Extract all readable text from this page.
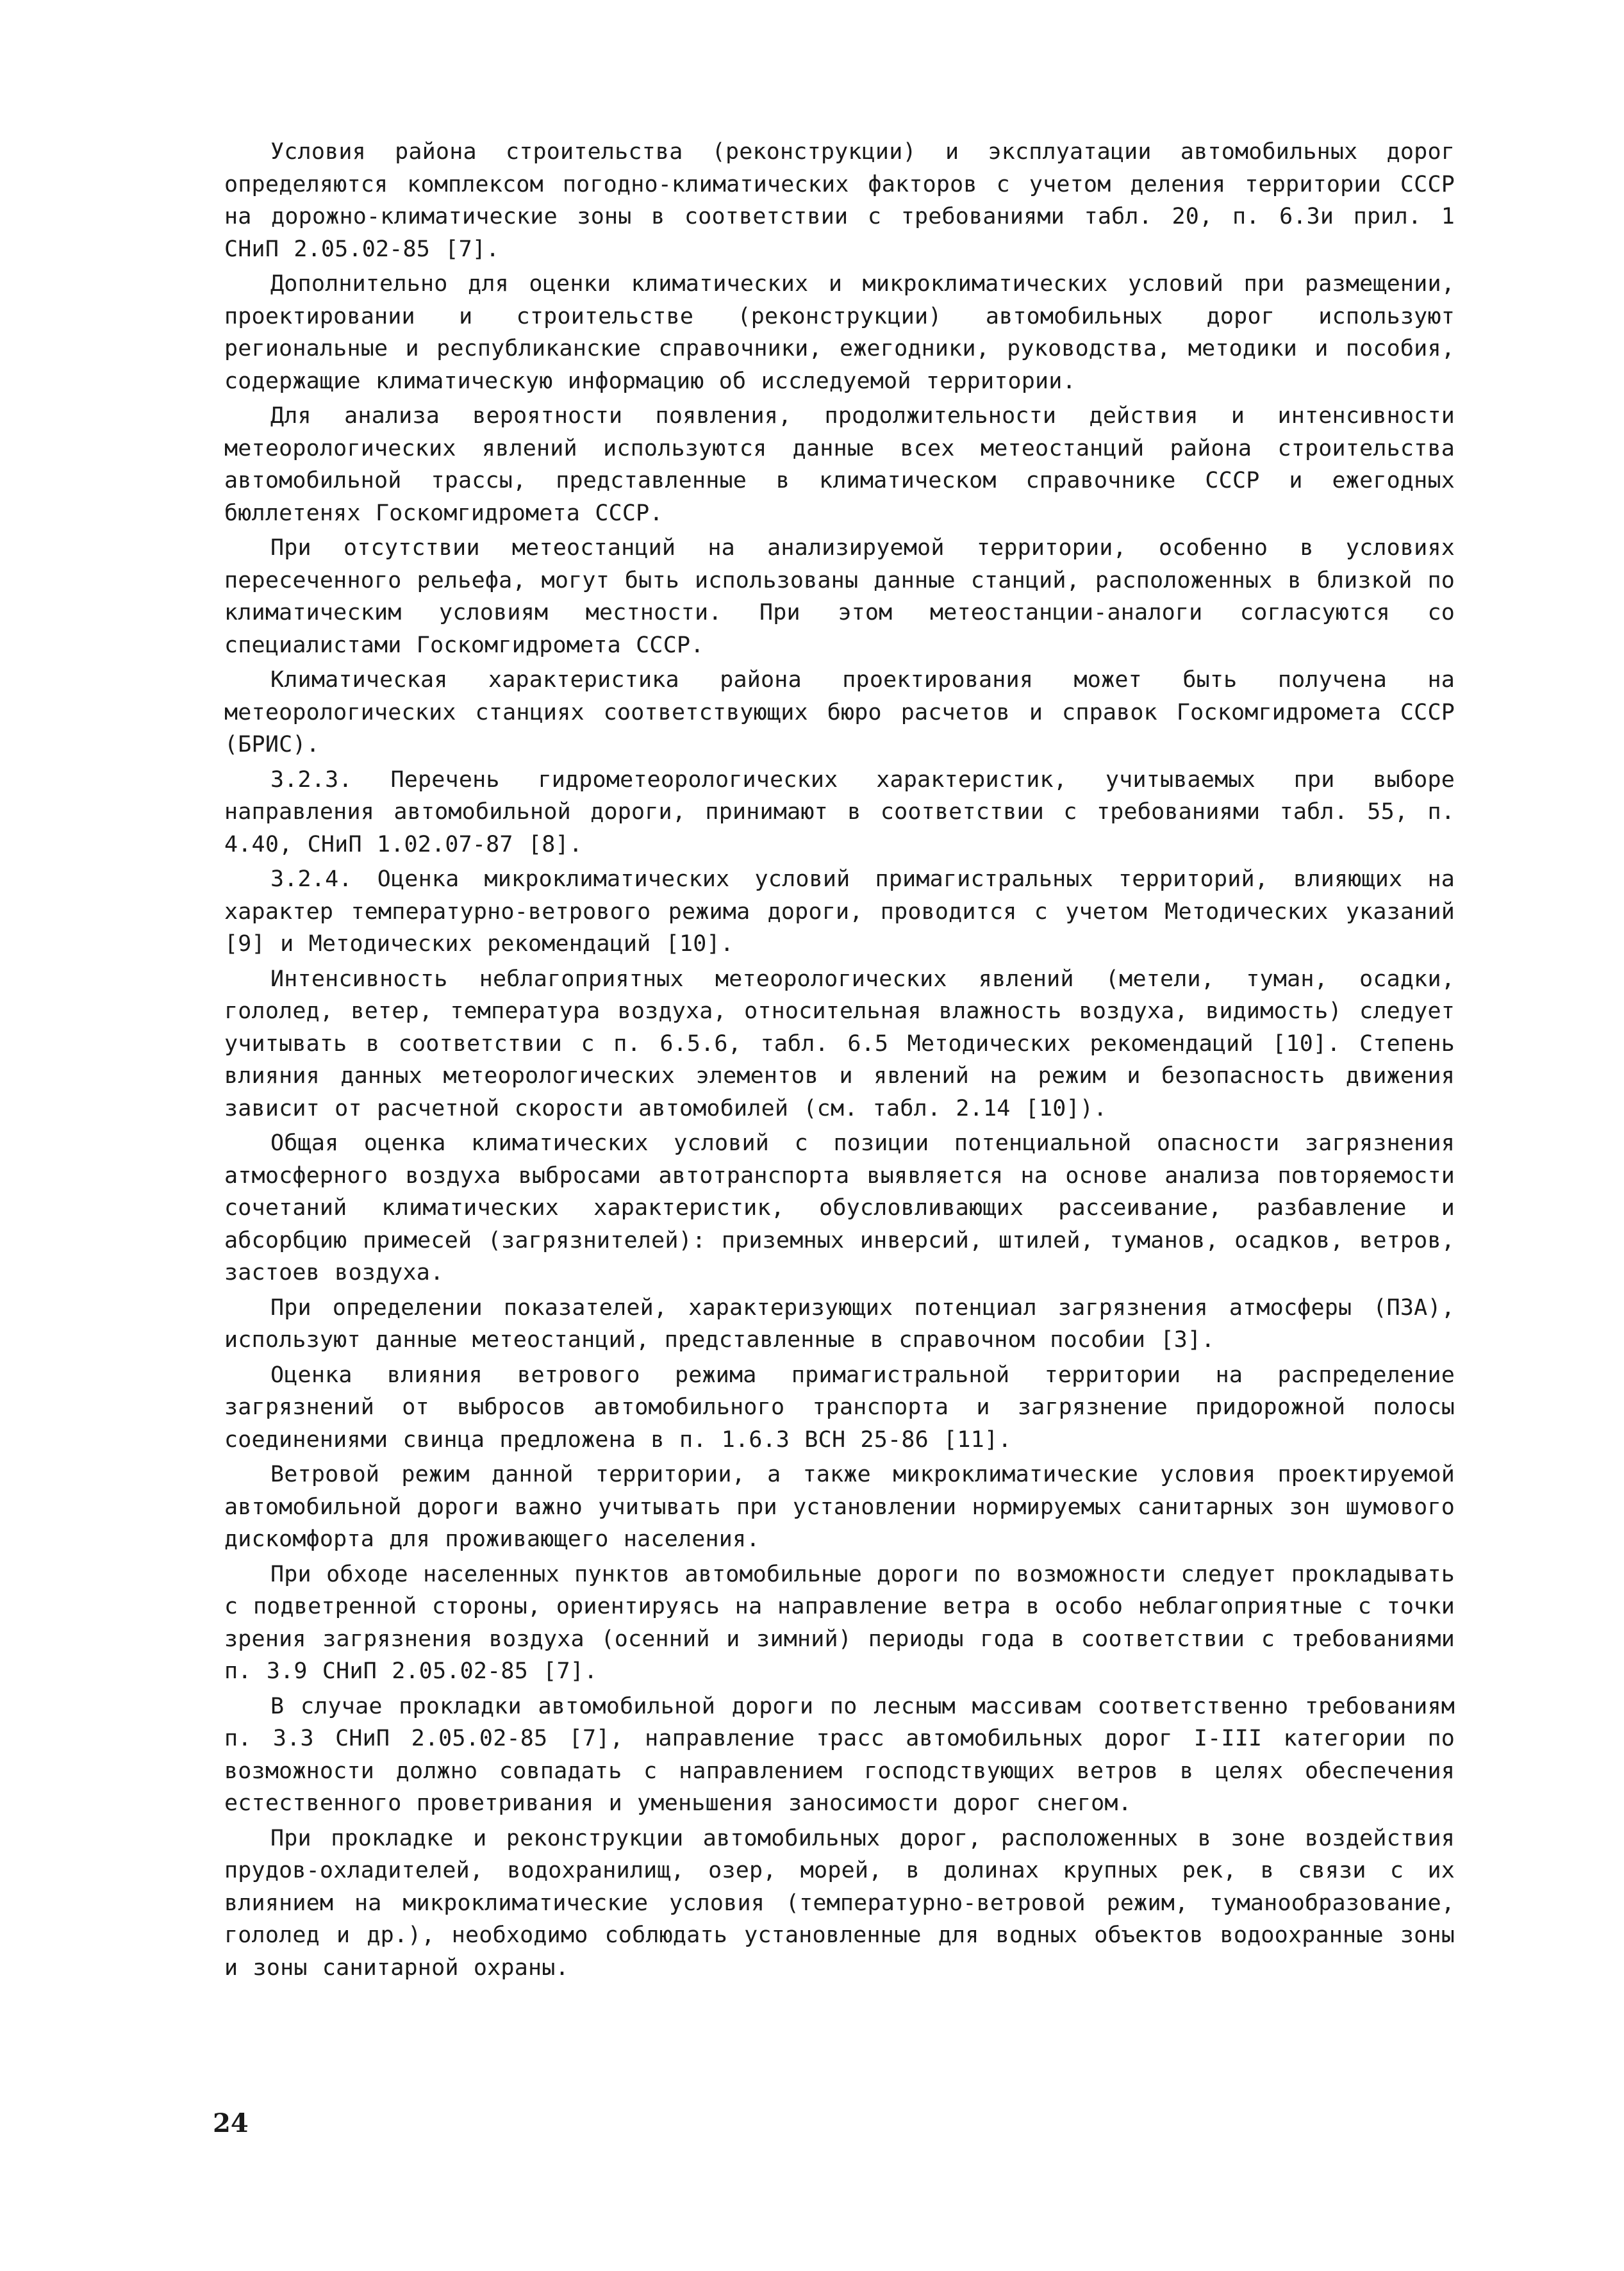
Условия района строительства (реконструкции) и эксплуатации автомобильных дорог определяются комплексом погодно-климатических факторов с учетом деления территории СССР на дорожно-климатические зоны в соответствии с требованиями табл. 20, п. 6.3и прил. 1 СНиП 2.05.02-85 [7].

Дополнительно для оценки климатических и микроклиматических условий при размещении, проектировании и строительстве (реконструкции) автомобильных дорог используют региональные и республиканские справочники, ежегодники, руководства, методики и пособия, содержащие климатическую информацию об исследуемой территории.

Для анализа вероятности появления, продолжительности действия и интенсивности метеорологических явлений используются данные всех метеостанций района строительства автомобильной трассы, представленные в климатическом справочнике СССР и ежегодных бюллетенях Госкомгидромета СССР.

При отсутствии метеостанций на анализируемой территории, особенно в условиях пересеченного рельефа, могут быть использованы данные станций, расположенных в близкой по климатическим условиям местности. При этом метеостанции-аналоги согласуются со специалистами Госкомгидромета СССР.

Климатическая характеристика района проектирования может быть получена на метеорологических станциях соответствующих бюро расчетов и справок Госкомгидромета СССР (БРИС).

3.2.3. Перечень гидрометеорологических характеристик, учитываемых при выборе направления автомобильной дороги, принимают в соответствии с требованиями табл. 55, п. 4.40, СНиП 1.02.07-87 [8].

3.2.4. Оценка микроклиматических условий примагистральных территорий, влияющих на характер температурно-ветрового режима дороги, проводится с учетом Методических указаний [9] и Методических рекомендаций [10].

Интенсивность неблагоприятных метеорологических явлений (метели, туман, осадки, гололед, ветер, температура воздуха, относительная влажность воздуха, видимость) следует учитывать в соответствии с п. 6.5.6, табл. 6.5 Методических рекомендаций [10]. Степень влияния данных метеорологических элементов и явлений на режим и безопасность движения зависит от расчетной скорости автомобилей (см. табл. 2.14 [10]).

Общая оценка климатических условий с позиции потенциальной опасности загрязнения атмосферного воздуха выбросами автотранспорта выявляется на основе анализа повторяемости сочетаний климатических характеристик, обусловливающих рассеивание, разбавление и абсорбцию примесей (загрязнителей): приземных инверсий, штилей, туманов, осадков, ветров, застоев воздуха.

При определении показателей, характеризующих потенциал загрязнения атмосферы (ПЗА), используют данные метеостанций, представленные в справочном пособии [3].

Оценка влияния ветрового режима примагистральной территории на распределение загрязнений от выбросов автомобильного транспорта и загрязнение придорожной полосы соединениями свинца предложена в п. 1.6.3 ВСН 25-86 [11].

Ветровой режим данной территории, а также микроклиматические условия проектируемой автомобильной дороги важно учитывать при установлении нормируемых санитарных зон шумового дискомфорта для проживающего населения.

При обходе населенных пунктов автомобильные дороги по возможности следует прокладывать с подветренной стороны, ориентируясь на направление ветра в особо неблагоприятные с точки зрения загрязнения воздуха (осенний и зимний) периоды года в соответствии с требованиями п. 3.9 СНиП 2.05.02-85 [7].

В случае прокладки автомобильной дороги по лесным массивам соответственно требованиям п. 3.3 СНиП 2.05.02-85 [7], направление трасс автомобильных дорог I-III категории по возможности должно совпадать с направлением господствующих ветров в целях обеспечения естественного проветривания и уменьшения заносимости дорог снегом.

При прокладке и реконструкции автомобильных дорог, расположенных в зоне воздействия прудов-охладителей, водохранилищ, озер, морей, в долинах крупных рек, в связи с их влиянием на микроклиматические условия (температурно-ветровой режим, туманообразование, гололед и др.), необходимо соблюдать установленные для водных объектов водоохранные зоны и зоны санитарной охраны.

24
